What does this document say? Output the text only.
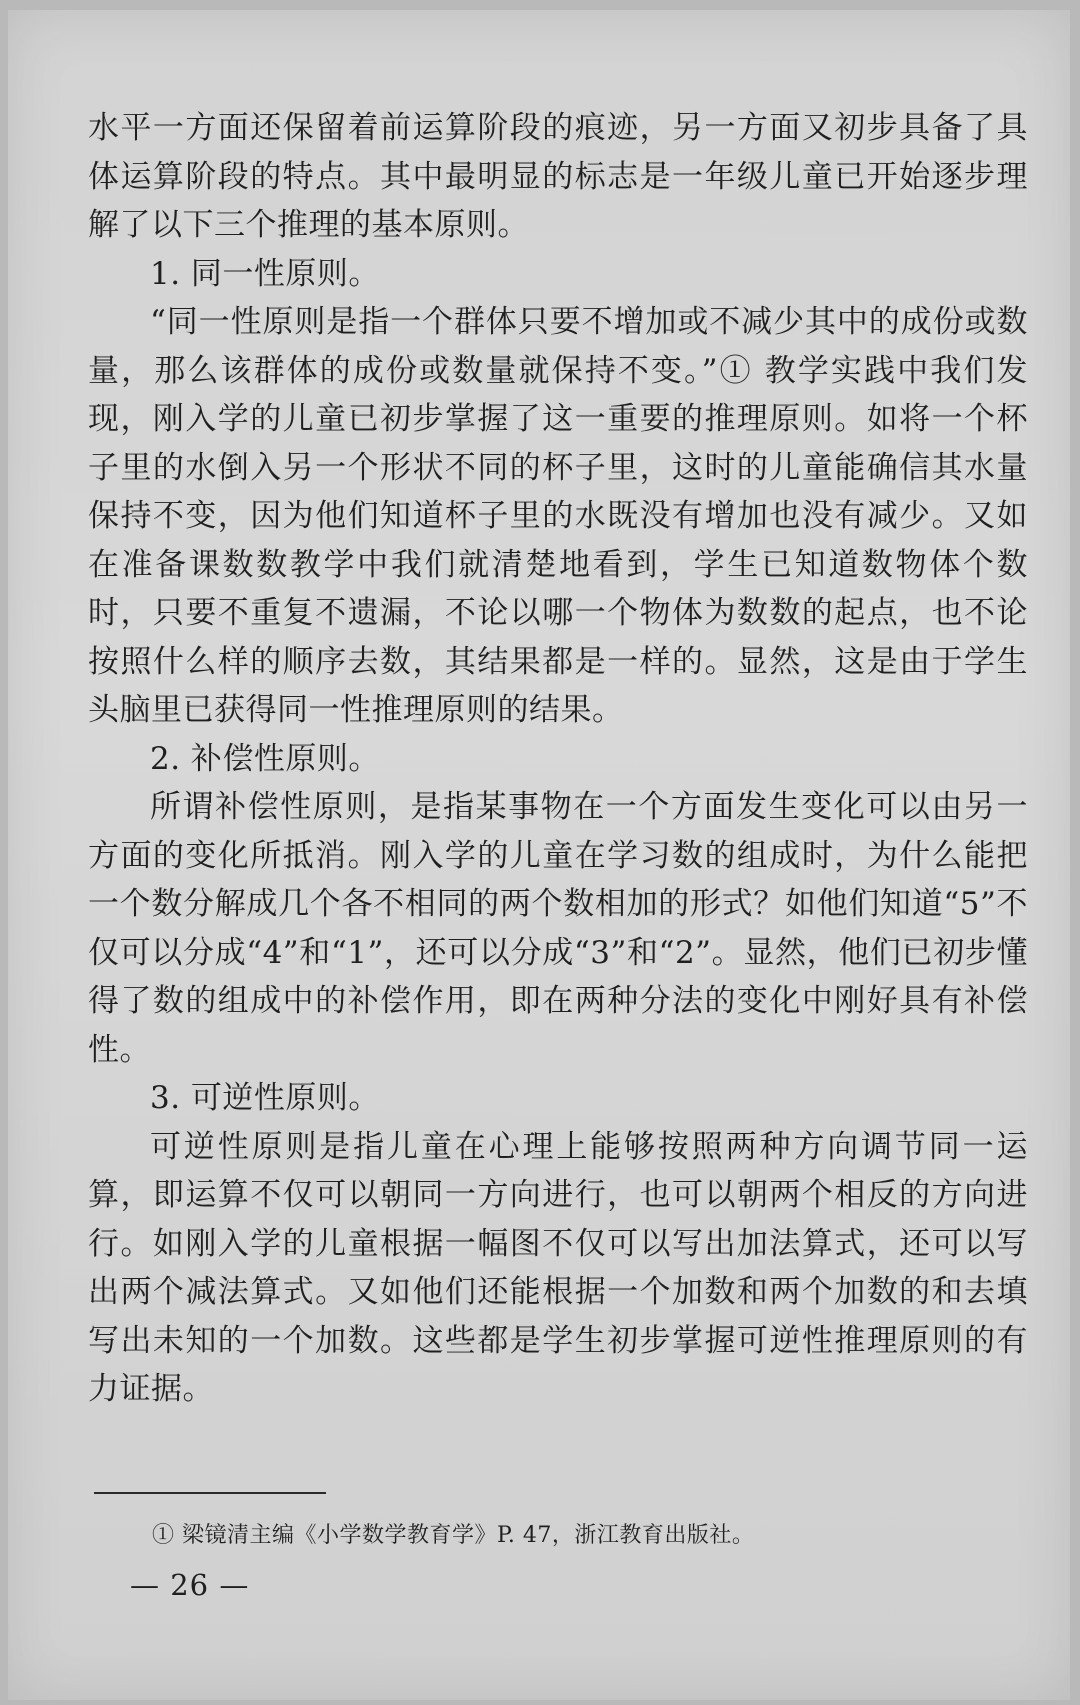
水平一方面还保留着前运算阶段的痕迹，另一方面又初步具备了具体运算阶段的特点。其中最明显的标志是一年级儿童已开始逐步理解了以下三个推理的基本原则。

1. 同一性原则。

“同一性原则是指一个群体只要不增加或不减少其中的成份或数量，那么该群体的成份或数量就保持不变。”① 教学实践中我们发现，刚入学的儿童已初步掌握了这一重要的推理原则。如将一个杯子里的水倒入另一个形状不同的杯子里，这时的儿童能确信其水量保持不变，因为他们知道杯子里的水既没有增加也没有减少。又如在准备课数数教学中我们就清楚地看到，学生已知道数物体个数时，只要不重复不遗漏，不论以哪一个物体为数数的起点，也不论按照什么样的顺序去数，其结果都是一样的。显然，这是由于学生头脑里已获得同一性推理原则的结果。

2. 补偿性原则。

所谓补偿性原则，是指某事物在一个方面发生变化可以由另一方面的变化所抵消。刚入学的儿童在学习数的组成时，为什么能把一个数分解成几个各不相同的两个数相加的形式？如他们知道“5”不仅可以分成“4”和“1”，还可以分成“3”和“2”。显然，他们已初步懂得了数的组成中的补偿作用，即在两种分法的变化中刚好具有补偿性。

3. 可逆性原则。

可逆性原则是指儿童在心理上能够按照两种方向调节同一运算，即运算不仅可以朝同一方向进行，也可以朝两个相反的方向进行。如刚入学的儿童根据一幅图不仅可以写出加法算式，还可以写出两个减法算式。又如他们还能根据一个加数和两个加数的和去填写出未知的一个加数。这些都是学生初步掌握可逆性推理原则的有力证据。

① 梁镜清主编《小学数学教育学》P. 47，浙江教育出版社。
— 26 —
